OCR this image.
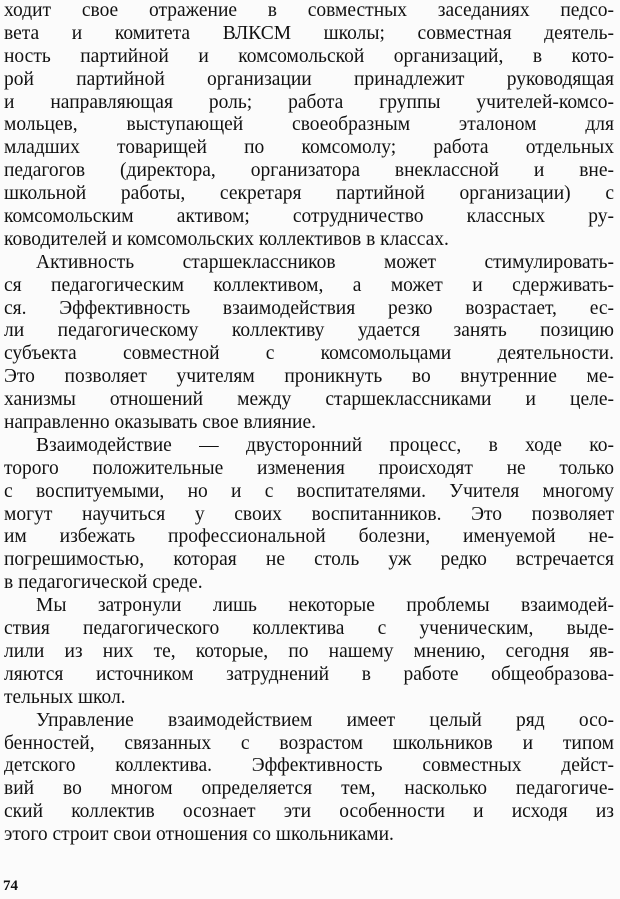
ходит свое отражение в совместных заседаниях педсо-
вета и комитета ВЛКСМ школы; совместная деятель-
ность партийной и комсомольской организаций, в кото-
рой партийной организации принадлежит руководящая
и направляющая роль; работа группы учителей-комсо-
мольцев, выступающей своеобразным эталоном для
младших товарищей по комсомолу; работа отдельных
педагогов (директора, организатора внеклассной и вне-
школьной работы, секретаря партийной организации) с
комсомольским активом; сотрудничество классных ру-
ководителей и комсомольских коллективов в классах.
Активность старшеклассников может стимулировать-
ся педагогическим коллективом, а может и сдерживать-
ся. Эффективность взаимодействия резко возрастает, ес-
ли педагогическому коллективу удается занять позицию
субъекта совместной с комсомольцами деятельности.
Это позволяет учителям проникнуть во внутренние ме-
ханизмы отношений между старшеклассниками и целе-
направленно оказывать свое влияние.
Взаимодействие — двусторонний процесс, в ходе ко-
торого положительные изменения происходят не только
с воспитуемыми, но и с воспитателями. Учителя многому
могут научиться у своих воспитанников. Это позволяет
им избежать профессиональной болезни, именуемой не-
погрешимостью, которая не столь уж редко встречается
в педагогической среде.
Мы затронули лишь некоторые проблемы взаимодей-
ствия педагогического коллектива с ученическим, выде-
лили из них те, которые, по нашему мнению, сегодня яв-
ляются источником затруднений в работе общеобразова-
тельных школ.
Управление взаимодействием имеет целый ряд осо-
бенностей, связанных с возрастом школьников и типом
детского коллектива. Эффективность совместных дейст-
вий во многом определяется тем, насколько педагогиче-
ский коллектив осознает эти особенности и исходя из
этого строит свои отношения со школьниками.
74
